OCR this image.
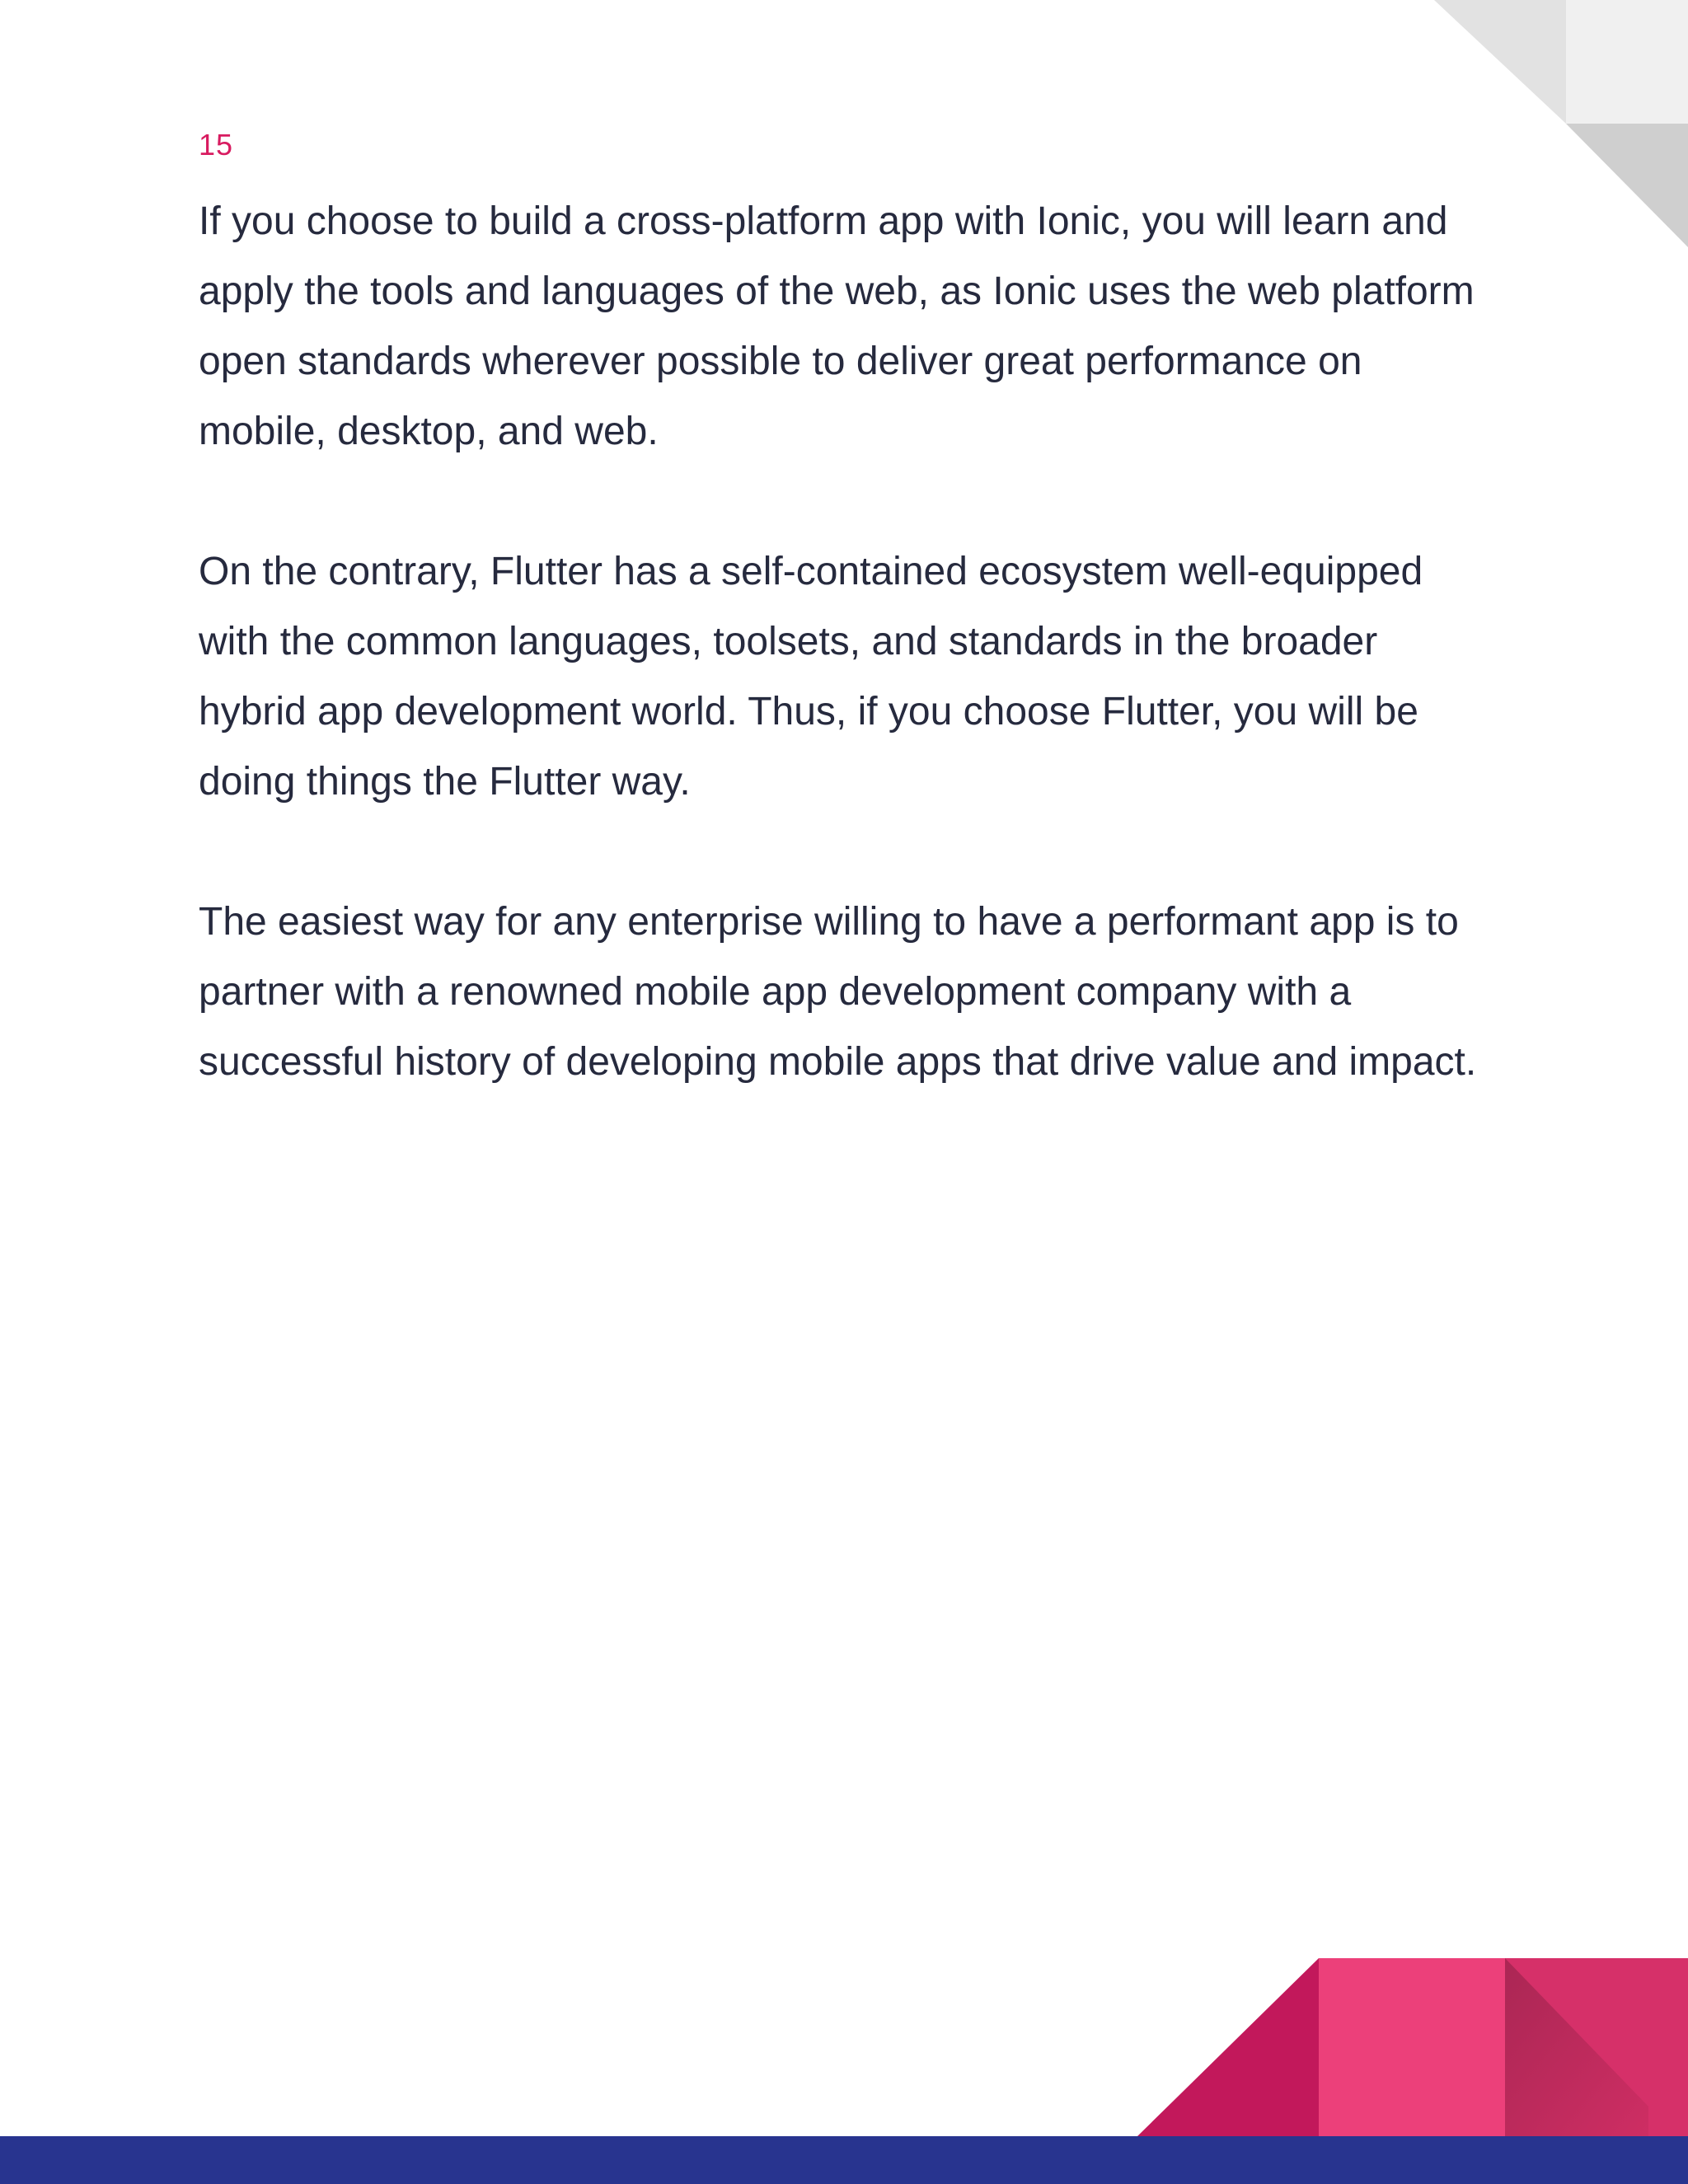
15

If you choose to build a cross-platform app with Ionic, you will learn and apply the tools and languages of the web, as Ionic uses the web platform open standards wherever possible to deliver great performance on mobile, desktop, and web.

On the contrary, Flutter has a self-contained ecosystem well-equipped with the common languages, toolsets, and standards in the broader hybrid app development world. Thus, if you choose Flutter, you will be doing things the Flutter way.

The easiest way for any enterprise willing to have a performant app is to partner with a renowned mobile app development company with a successful history of developing mobile apps that drive value and impact.
